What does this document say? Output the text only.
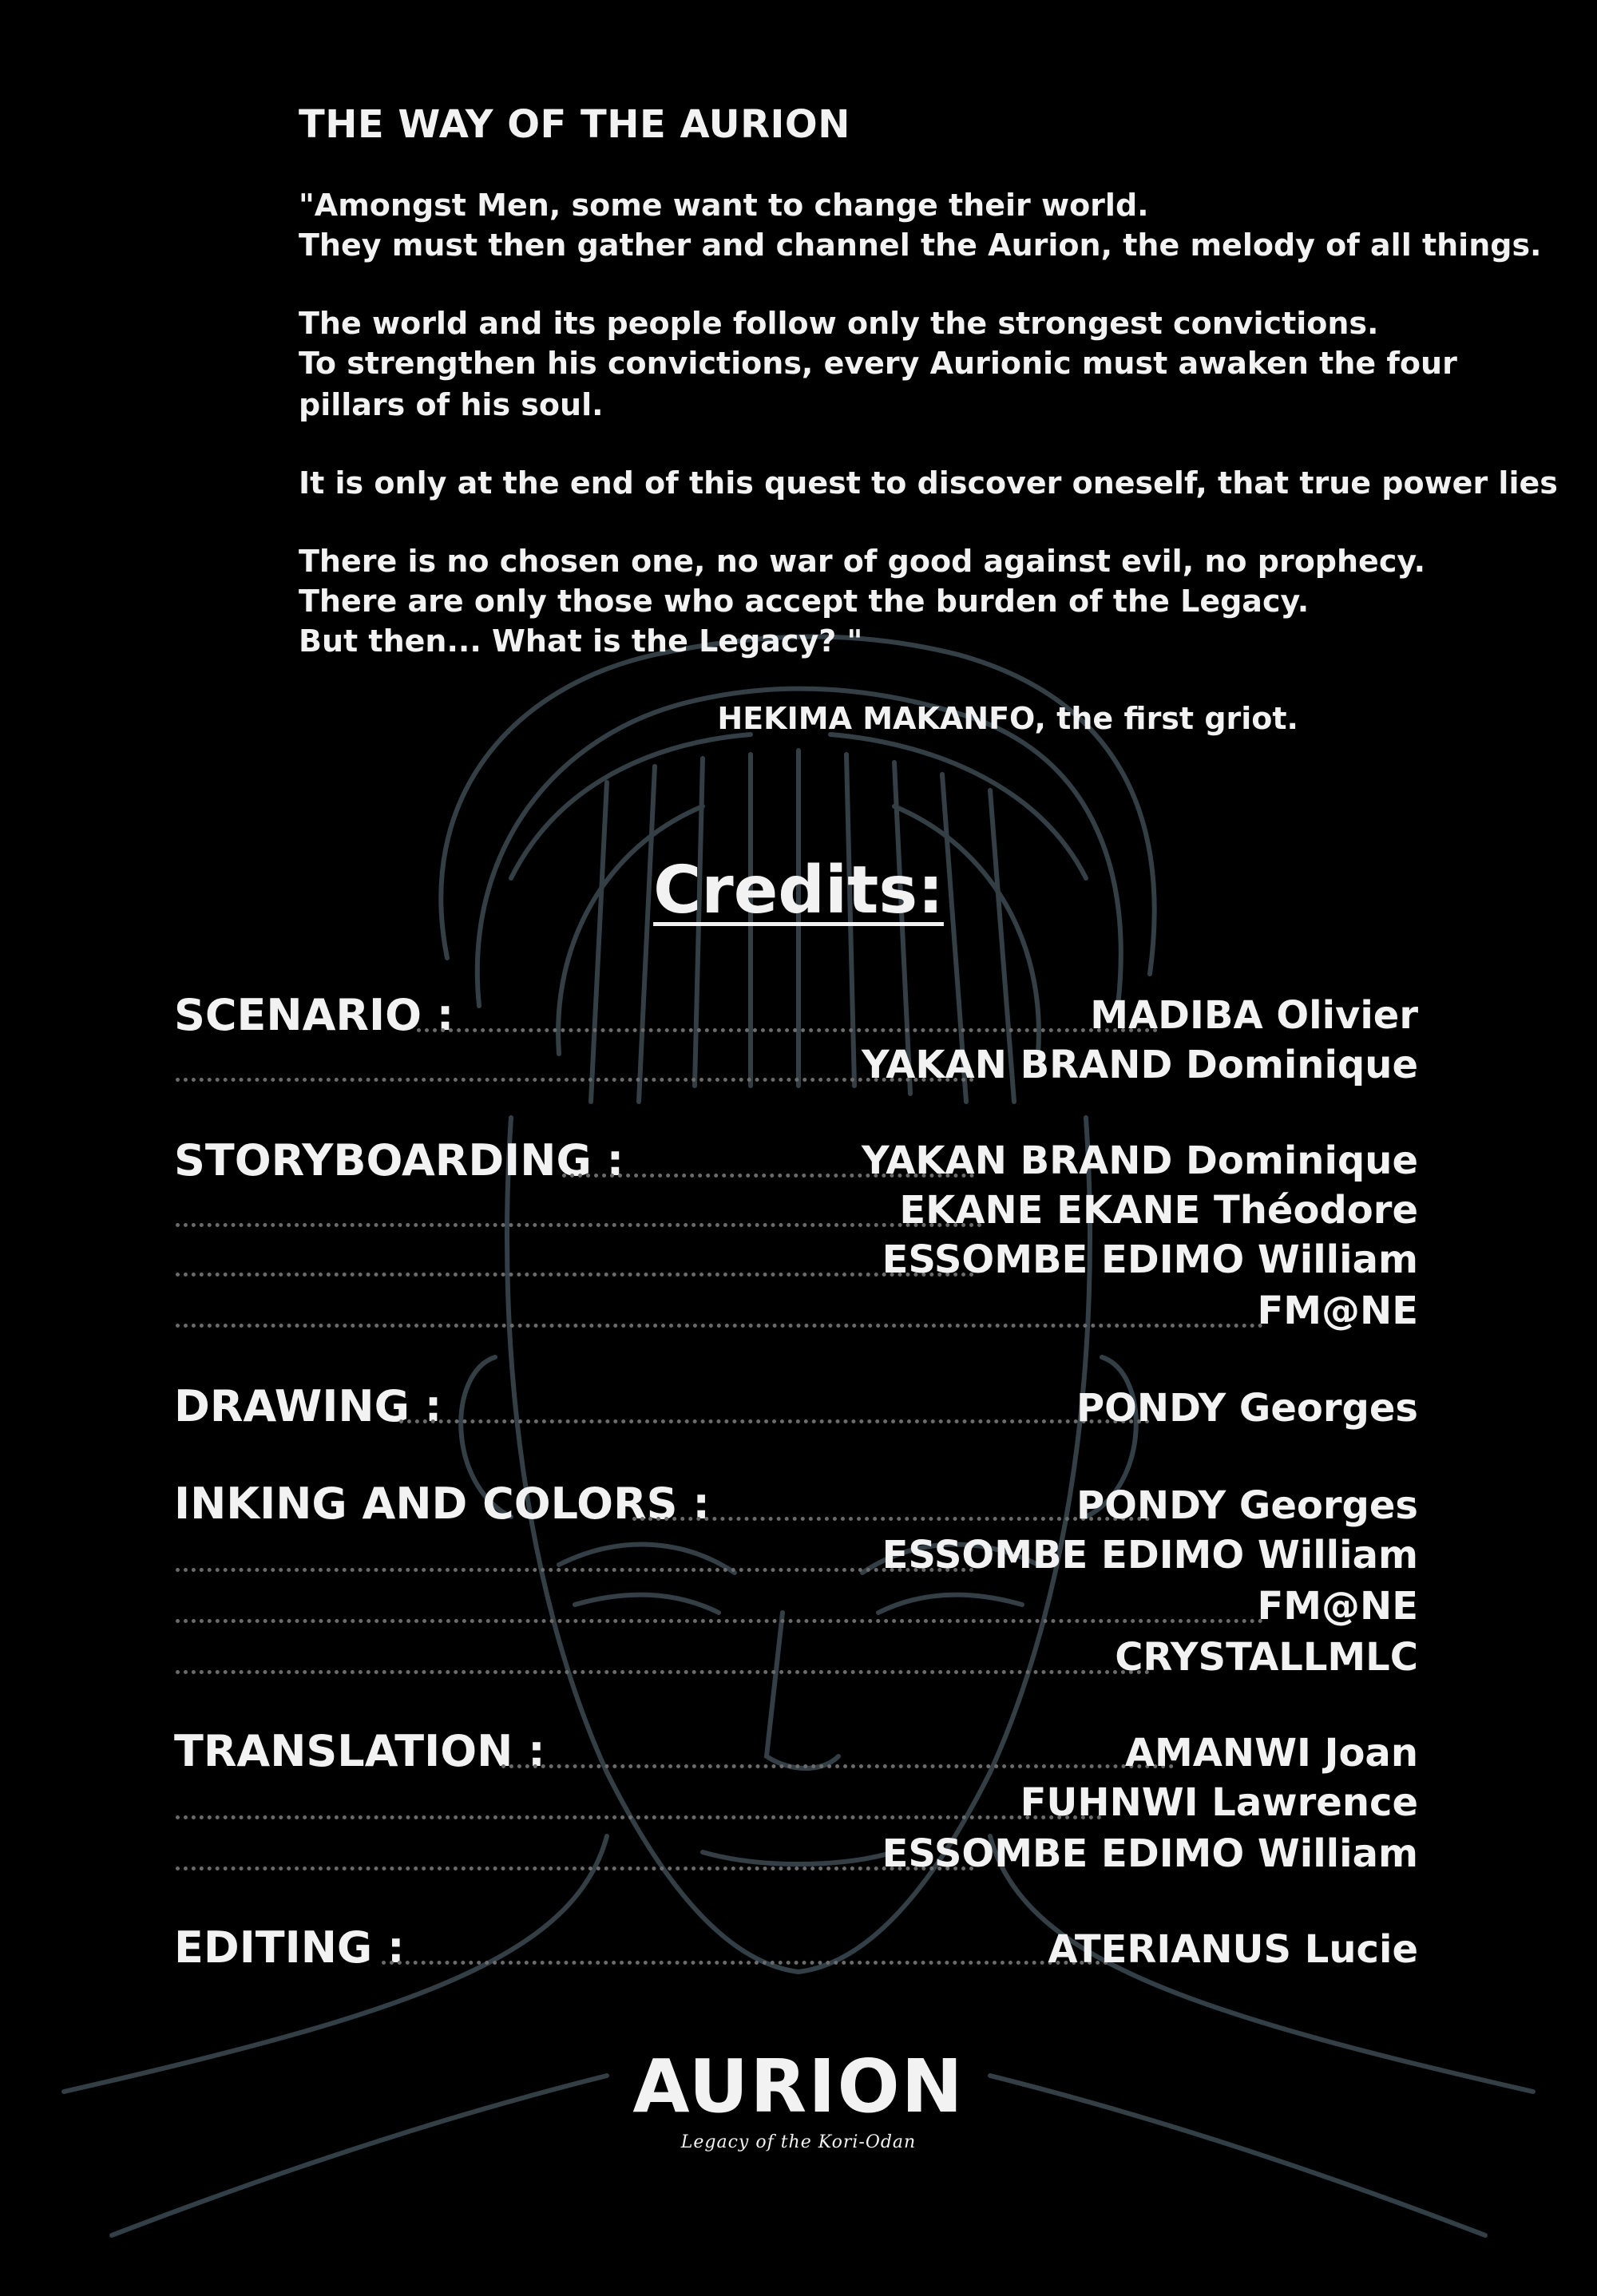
THE WAY OF THE AURION
"Amongst Men, some want to change their world.
They must then gather and channel the Aurion, the melody of all things.
The world and its people follow only the strongest convictions.
To strengthen his convictions, every Aurionic must awaken the four
pillars of his soul.
It is only at the end of this quest to discover oneself, that true power lies
There is no chosen one, no war of good against evil, no prophecy.
There are only those who accept the burden of the Legacy.
But then... What is the Legacy? "
HEKIMA MAKANFO, the first griot.
Credits:
SCENARIO :	MADIBA Olivier
YAKAN BRAND Dominique
STORYBOARDING :	YAKAN BRAND Dominique
EKANE EKANE Théodore
ESSOMBE EDIMO William
FM@NE
DRAWING :	PONDY Georges
INKING AND COLORS :	PONDY Georges
ESSOMBE EDIMO William
FM@NE
CRYSTALLMLC
TRANSLATION :	AMANWI Joan
FUHNWI Lawrence
ESSOMBE EDIMO William
EDITING :	ATERIANUS Lucie
AURION
Legacy of the Kori-Odan
